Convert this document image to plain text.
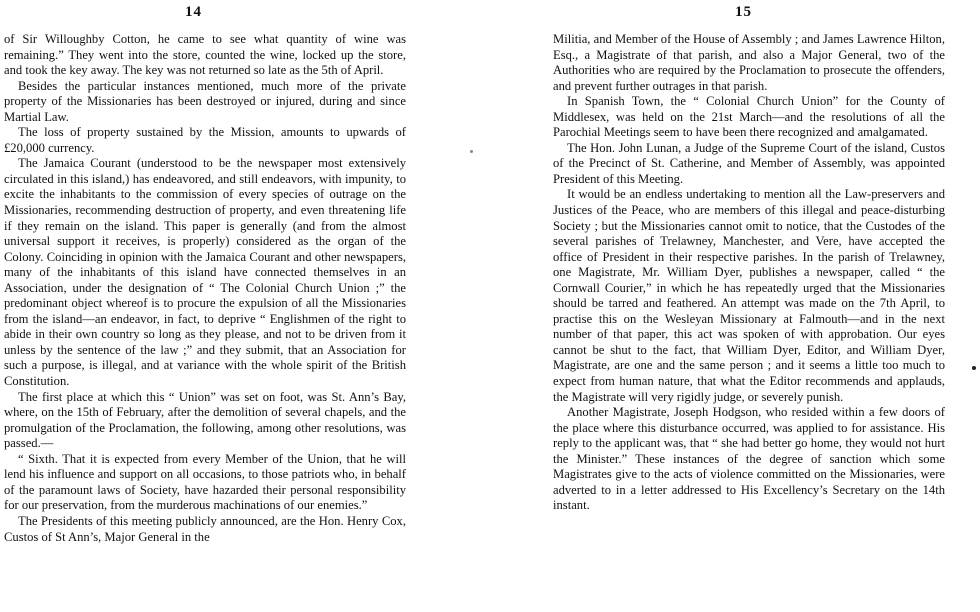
14

of Sir Willoughby Cotton, he came to see what quantity of wine was remaining.” They went into the store, counted the wine, locked up the store, and took the key away. The key was not returned so late as the 5th of April.

Besides the particular instances mentioned, much more of the private property of the Missionaries has been destroyed or injured, during and since Martial Law.

The loss of property sustained by the Mission, amounts to upwards of £20,000 currency.

The Jamaica Courant (understood to be the newspaper most extensively circulated in this island,) has endeavored, and still endeavors, with impunity, to excite the inhabitants to the commission of every species of outrage on the Missionaries, recommending destruction of property, and even threatening life if they remain on the island. This paper is generally (and from the almost universal support it receives, is properly) considered as the organ of the Colony. Coinciding in opinion with the Jamaica Courant and other newspapers, many of the inhabitants of this island have connected themselves in an Association, under the designation of “ The Colonial Church Union ;” the predominant object whereof is to procure the expulsion of all the Missionaries from the island—an endeavor, in fact, to deprive “ Englishmen of the right to abide in their own country so long as they please, and not to be driven from it unless by the sentence of the law ;” and they submit, that an Association for such a purpose, is illegal, and at variance with the whole spirit of the British Constitution.

The first place at which this “ Union” was set on foot, was St. Ann’s Bay, where, on the 15th of February, after the demolition of several chapels, and the promulgation of the Proclamation, the following, among other resolutions, was passed.—

“ Sixth. That it is expected from every Member of the Union, that he will lend his influence and support on all occasions, to those patriots who, in behalf of the paramount laws of Society, have hazarded their personal responsibility for our preservation, from the murderous machinations of our enemies.”

The Presidents of this meeting publicly announced, are the Hon. Henry Cox, Custos of St Ann’s, Major General in the

15

Militia, and Member of the House of Assembly ; and James Lawrence Hilton, Esq., a Magistrate of that parish, and also a Major General, two of the Authorities who are required by the Proclamation to prosecute the offenders, and prevent further outrages in that parish.

In Spanish Town, the “ Colonial Church Union” for the County of Middlesex, was held on the 21st March—and the resolutions of all the Parochial Meetings seem to have been there recognized and amalgamated.

The Hon. John Lunan, a Judge of the Supreme Court of the island, Custos of the Precinct of St. Catherine, and Member of Assembly, was appointed President of this Meeting.

It would be an endless undertaking to mention all the Law-preservers and Justices of the Peace, who are members of this illegal and peace-disturbing Society ; but the Missionaries cannot omit to notice, that the Custodes of the several parishes of Trelawney, Manchester, and Vere, have accepted the office of President in their respective parishes. In the parish of Trelawney, one Magistrate, Mr. William Dyer, publishes a newspaper, called “ the Cornwall Courier,” in which he has repeatedly urged that the Missionaries should be tarred and feathered. An attempt was made on the 7th April, to practise this on the Wesleyan Missionary at Falmouth—and in the next number of that paper, this act was spoken of with approbation. Our eyes cannot be shut to the fact, that William Dyer, Editor, and William Dyer, Magistrate, are one and the same person ; and it seems a little too much to expect from human nature, that what the Editor recommends and applauds, the Magistrate will very rigidly judge, or severely punish.

Another Magistrate, Joseph Hodgson, who resided within a few doors of the place where this disturbance occurred, was applied to for assistance. His reply to the applicant was, that “ she had better go home, they would not hurt the Minister.” These instances of the degree of sanction which some Magistrates give to the acts of violence committed on the Missionaries, were adverted to in a letter addressed to His Excellency’s Secretary on the 14th instant.
